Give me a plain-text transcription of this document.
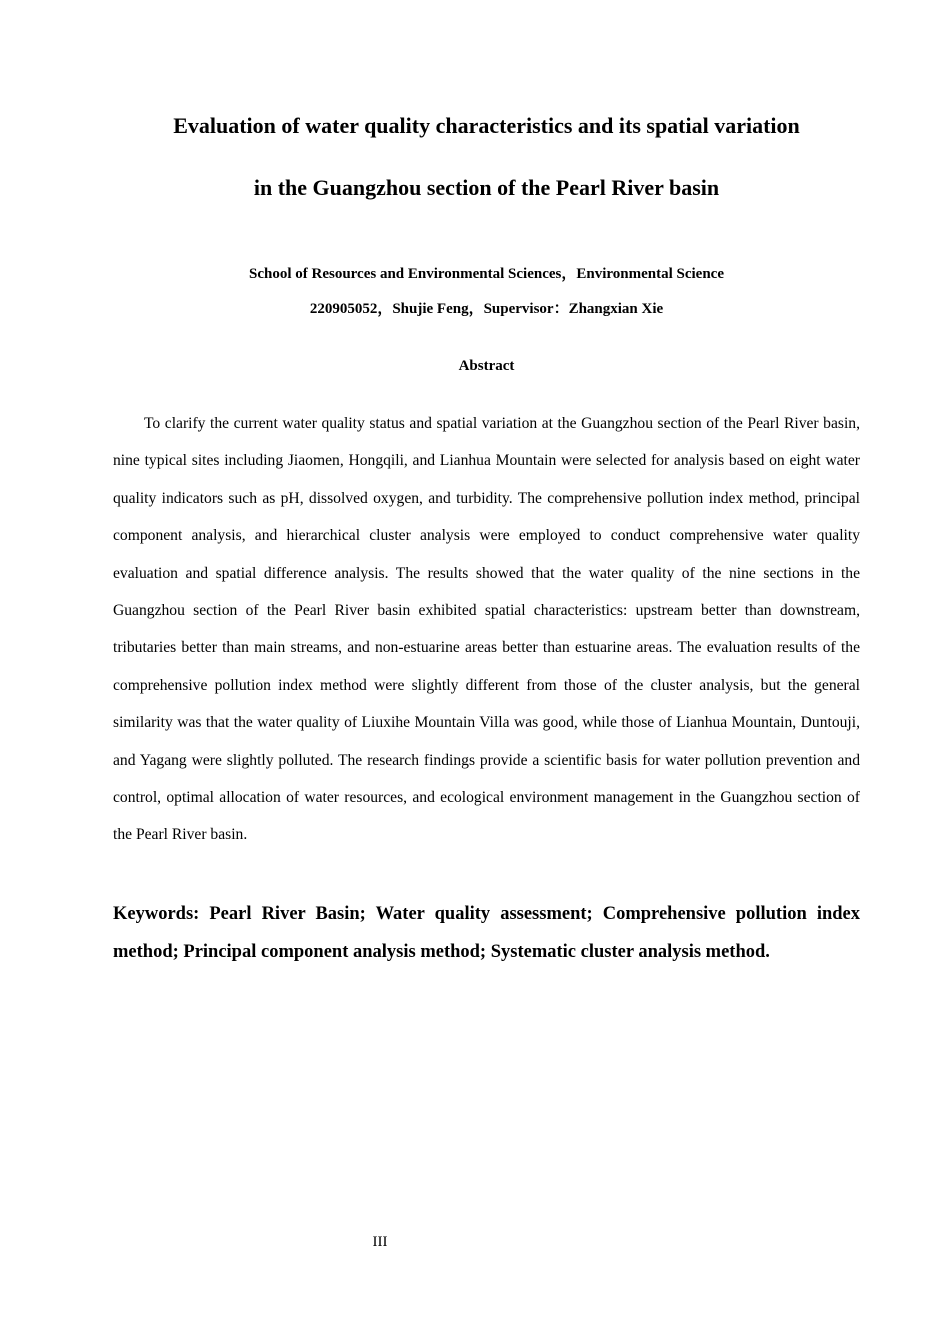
Evaluation of water quality characteristics and its spatial variation
in the Guangzhou section of the Pearl River basin
School of Resources and Environmental Sciences，Environmental Science
220905052，Shujie Feng，Supervisor：Zhangxian Xie
Abstract

To clarify the current water quality status and spatial variation at the Guangzhou section of the Pearl River basin, nine typical sites including Jiaomen, Hongqili, and Lianhua Mountain were selected for analysis based on eight water quality indicators such as pH, dissolved oxygen, and turbidity. The comprehensive pollution index method, principal component analysis, and hierarchical cluster analysis were employed to conduct comprehensive water quality evaluation and spatial difference analysis. The results showed that the water quality of the nine sections in the Guangzhou section of the Pearl River basin exhibited spatial characteristics: upstream better than downstream, tributaries better than main streams, and non-estuarine areas better than estuarine areas. The evaluation results of the comprehensive pollution index method were slightly different from those of the cluster analysis, but the general similarity was that the water quality of Liuxihe Mountain Villa was good, while those of Lianhua Mountain, Duntouji, and Yagang were slightly polluted. The research findings provide a scientific basis for water pollution prevention and control, optimal allocation of water resources, and ecological environment management in the Guangzhou section of the Pearl River basin.

Keywords: Pearl River Basin; Water quality assessment; Comprehensive pollution index method; Principal component analysis method; Systematic cluster analysis method.

III
